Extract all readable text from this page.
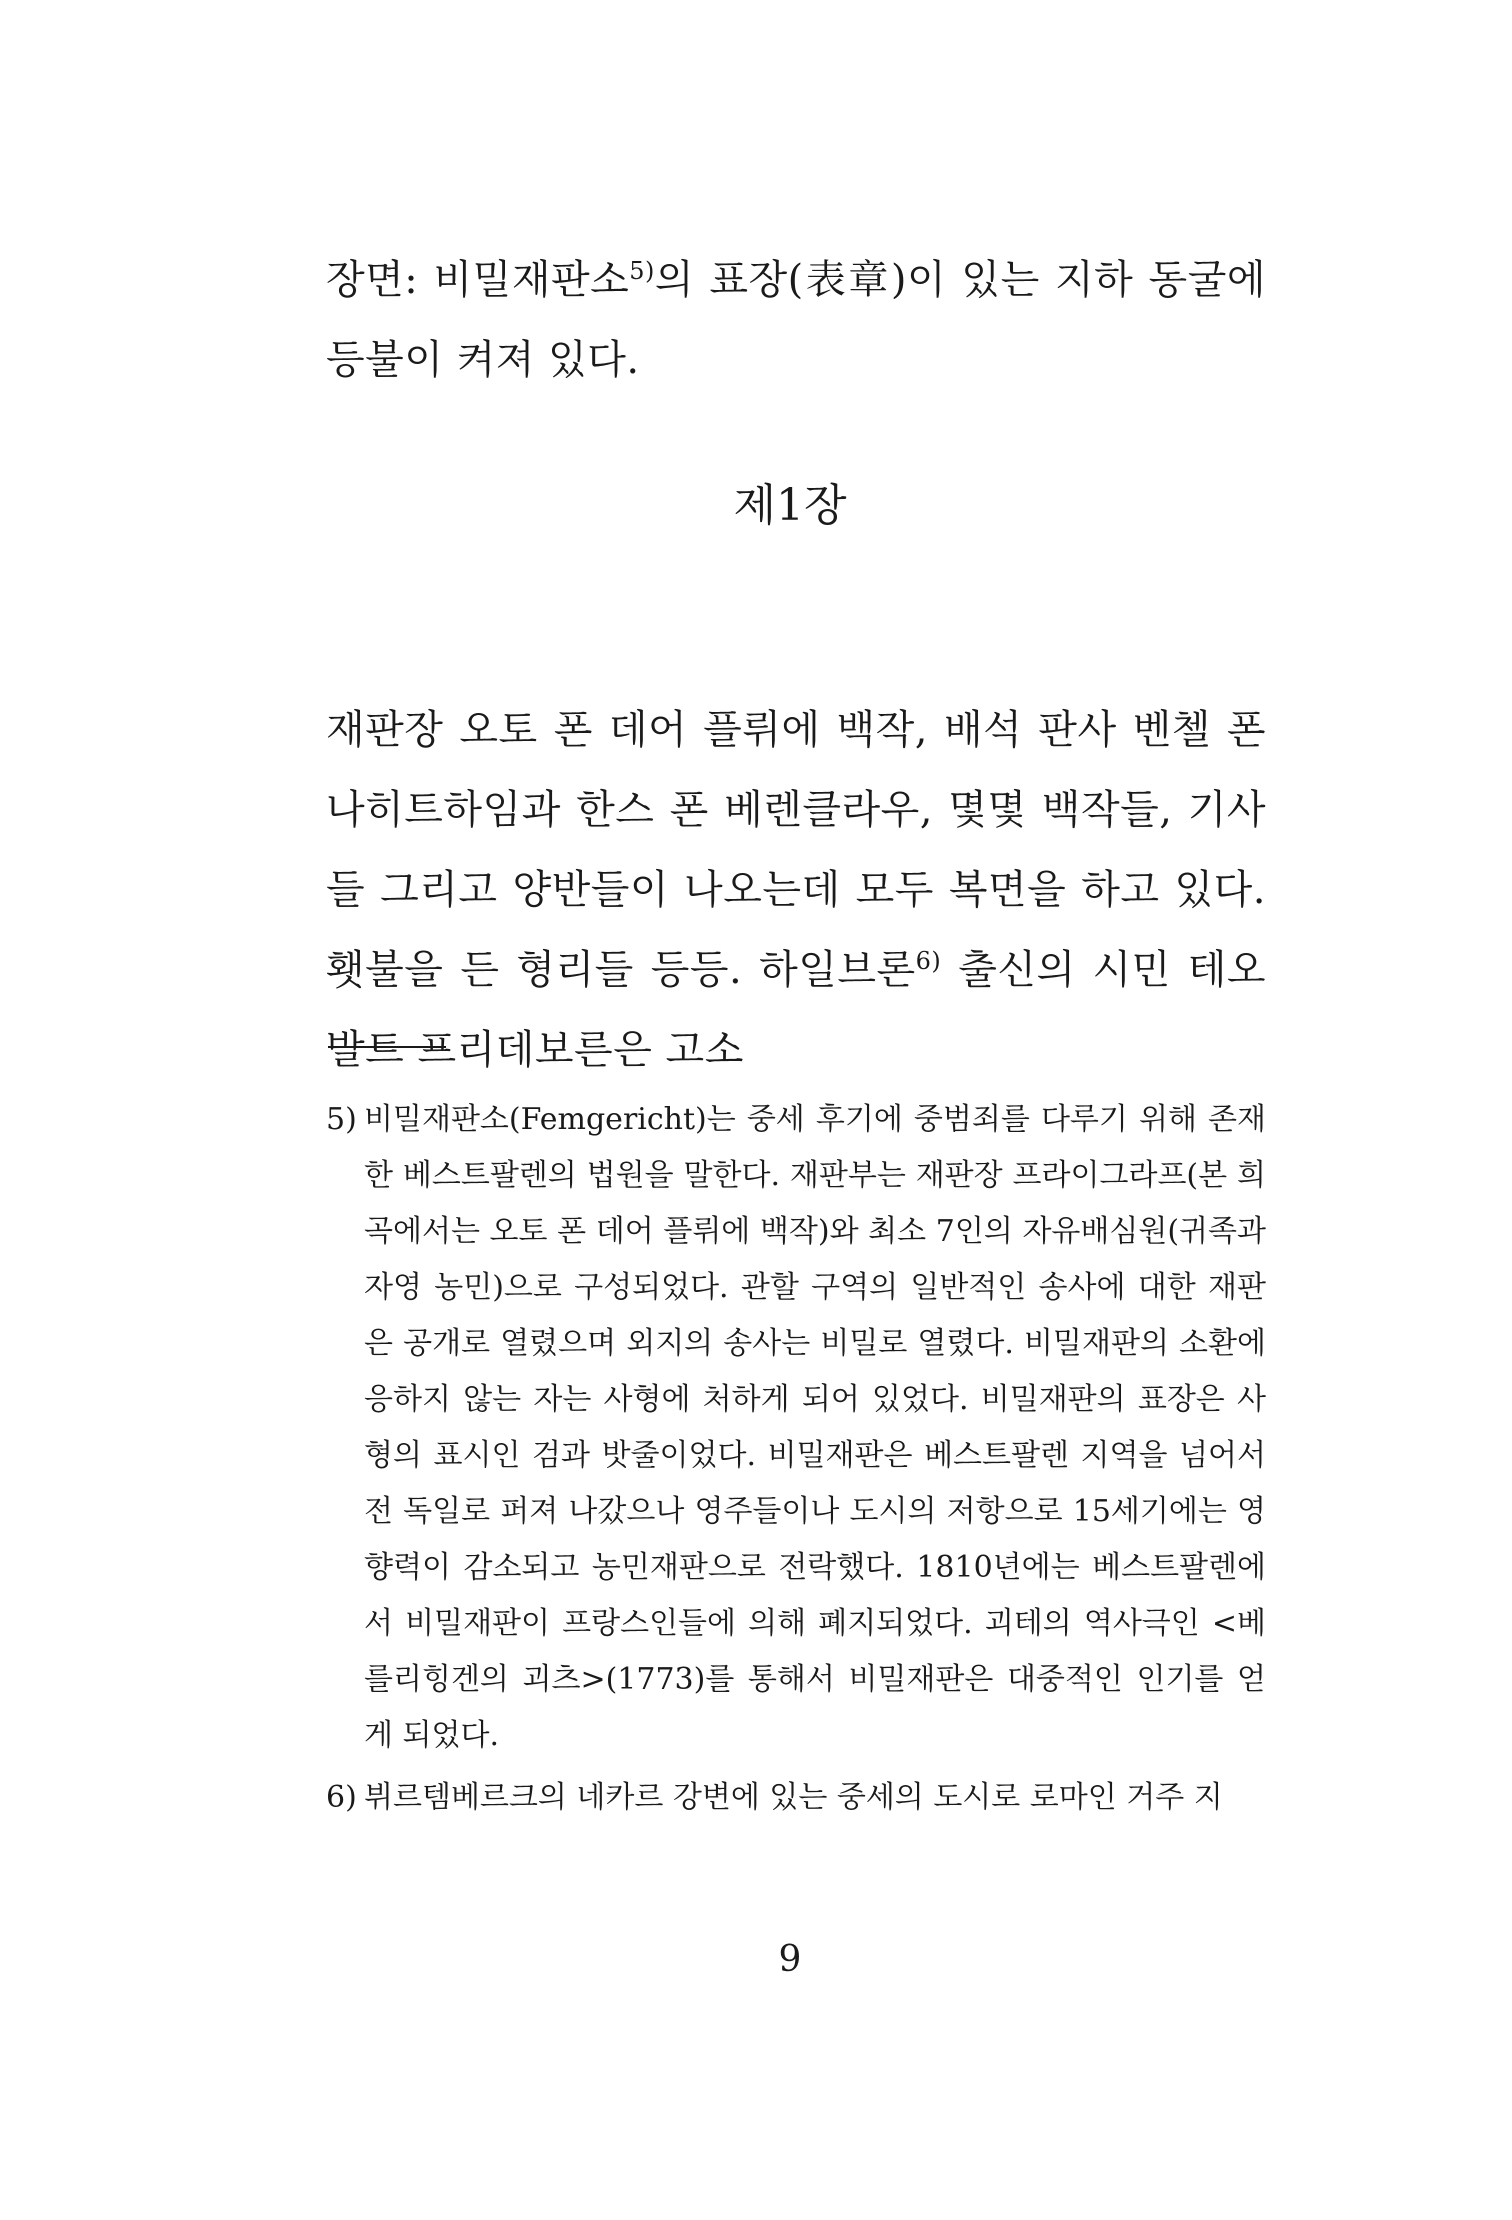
장면: 비밀재판소$^{5)}$의 표장(表章)이 있는 지하 동굴에 등불이 켜져 있다.

제1장

재판장 오토 폰 데어 플뤼에 백작, 배석 판사 벤첼 폰 나히트하임과 한스 폰 베렌클라우, 몇몇 백작들, 기사들 그리고 양반들이 나오는데 모두 복면을 하고 있다. 횃불을 든 형리들 등등. 하일브론$^{6)}$ 출신의 시민 테오발트 프리데보른은 고소

5) 비밀재판소(Femgericht)는 중세 후기에 중범죄를 다루기 위해 존재한 베스트팔렌의 법원을 말한다. 재판부는 재판장 프라이그라프(본 희곡에서는 오토 폰 데어 플뤼에 백작)와 최소 7인의 자유배심원(귀족과 자영 농민)으로 구성되었다. 관할 구역의 일반적인 송사에 대한 재판은 공개로 열렸으며 외지의 송사는 비밀로 열렸다. 비밀재판의 소환에 응하지 않는 자는 사형에 처하게 되어 있었다. 비밀재판의 표장은 사형의 표시인 검과 밧줄이었다. 비밀재판은 베스트팔렌 지역을 넘어서 전 독일로 퍼져 나갔으나 영주들이나 도시의 저항으로 15세기에는 영향력이 감소되고 농민재판으로 전락했다. 1810년에는 베스트팔렌에서 비밀재판이 프랑스인들에 의해 폐지되었다. 괴테의 역사극인 <베를리힝겐의 괴츠>(1773)를 통해서 비밀재판은 대중적인 인기를 얻게 되었다.

6) 뷔르템베르크의 네카르 강변에 있는 중세의 도시로 로마인 거주 지

9
